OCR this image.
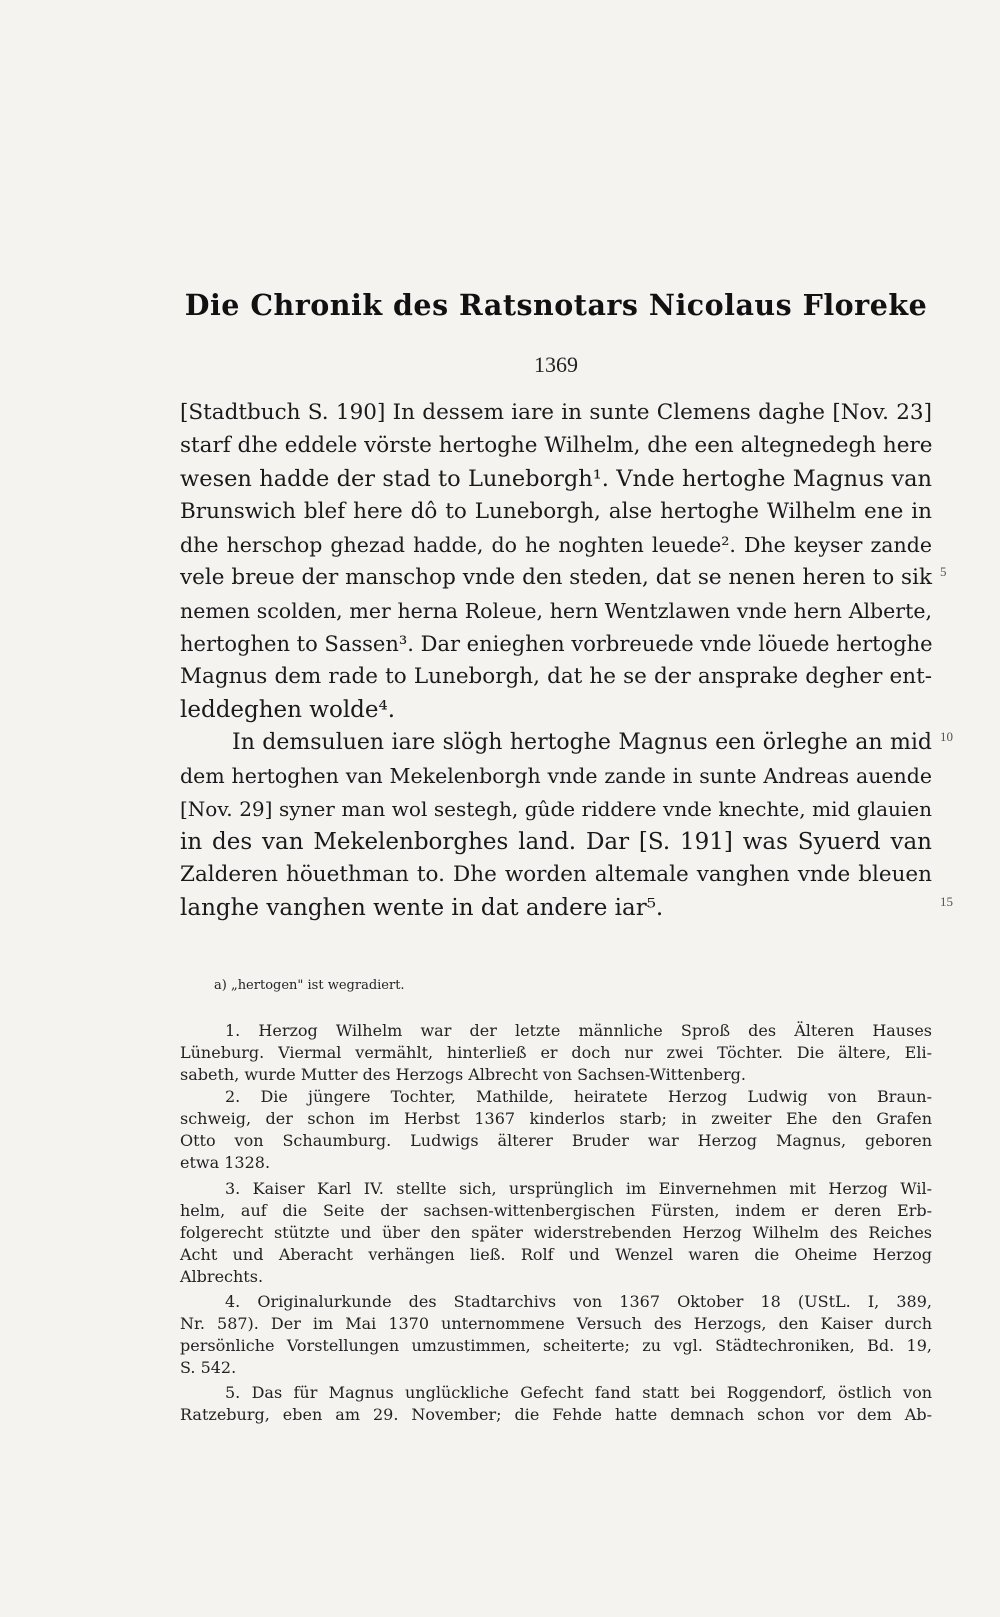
Die Chronik des Ratsnotars Nicolaus Floreke
1369
[Stadtbuch S. 190] In dessem iare in sunte Clemens daghe [Nov. 23]
starf dhe eddele vörste hertoghe Wilhelm, dhe een altegnedegh here
wesen hadde der stad to Luneborgh¹. Vnde hertoghe Magnus van
Brunswich blef here dô to Luneborgh, alse hertoghe Wilhelm ene in
dhe herschop ghezad hadde, do he noghten leuede². Dhe keyser zande
vele breue der manschop vnde den steden, dat se nenen heren to sik
nemen scolden, mer herna Roleue, hern Wentzlawen vnde hern Alberte,
hertoghen to Sassen³. Dar enieghen vorbreuede vnde löuede hertoghe
Magnus dem rade to Luneborgh, dat he se der ansprake degher ent-
leddeghen wolde⁴.
In demsuluen iare slögh hertoghe Magnus een örleghe an mid
dem hertoghen van Mekelenborgh vnde zande in sunte Andreas auende
[Nov. 29] syner man wol sestegh, gûde riddere vnde knechte, mid glauien
in des van Mekelenborghes land. Dar [S. 191] was Syuerd van
Zalderen höuethman to. Dhe worden altemale vanghen vnde bleuen
langhe vanghen wente in dat andere iar⁵.
5
10
15
a) „hertogen" ist wegradiert.
1. Herzog Wilhelm war der letzte männliche Sproß des Älteren Hauses
Lüneburg. Viermal vermählt, hinterließ er doch nur zwei Töchter. Die ältere, Eli-
sabeth, wurde Mutter des Herzogs Albrecht von Sachsen-Wittenberg.
2. Die jüngere Tochter, Mathilde, heiratete Herzog Ludwig von Braun-
schweig, der schon im Herbst 1367 kinderlos starb; in zweiter Ehe den Grafen
Otto von Schaumburg. Ludwigs älterer Bruder war Herzog Magnus, geboren
etwa 1328.
3. Kaiser Karl IV. stellte sich, ursprünglich im Einvernehmen mit Herzog Wil-
helm, auf die Seite der sachsen-wittenbergischen Fürsten, indem er deren Erb-
folgerecht stützte und über den später widerstrebenden Herzog Wilhelm des Reiches
Acht und Aberacht verhängen ließ. Rolf und Wenzel waren die Oheime Herzog
Albrechts.
4. Originalurkunde des Stadtarchivs von 1367 Oktober 18 (UStL. I, 389,
Nr. 587). Der im Mai 1370 unternommene Versuch des Herzogs, den Kaiser durch
persönliche Vorstellungen umzustimmen, scheiterte; zu vgl. Städtechroniken, Bd. 19,
S. 542.
5. Das für Magnus unglückliche Gefecht fand statt bei Roggendorf, östlich von
Ratzeburg, eben am 29. November; die Fehde hatte demnach schon vor dem Ab-
